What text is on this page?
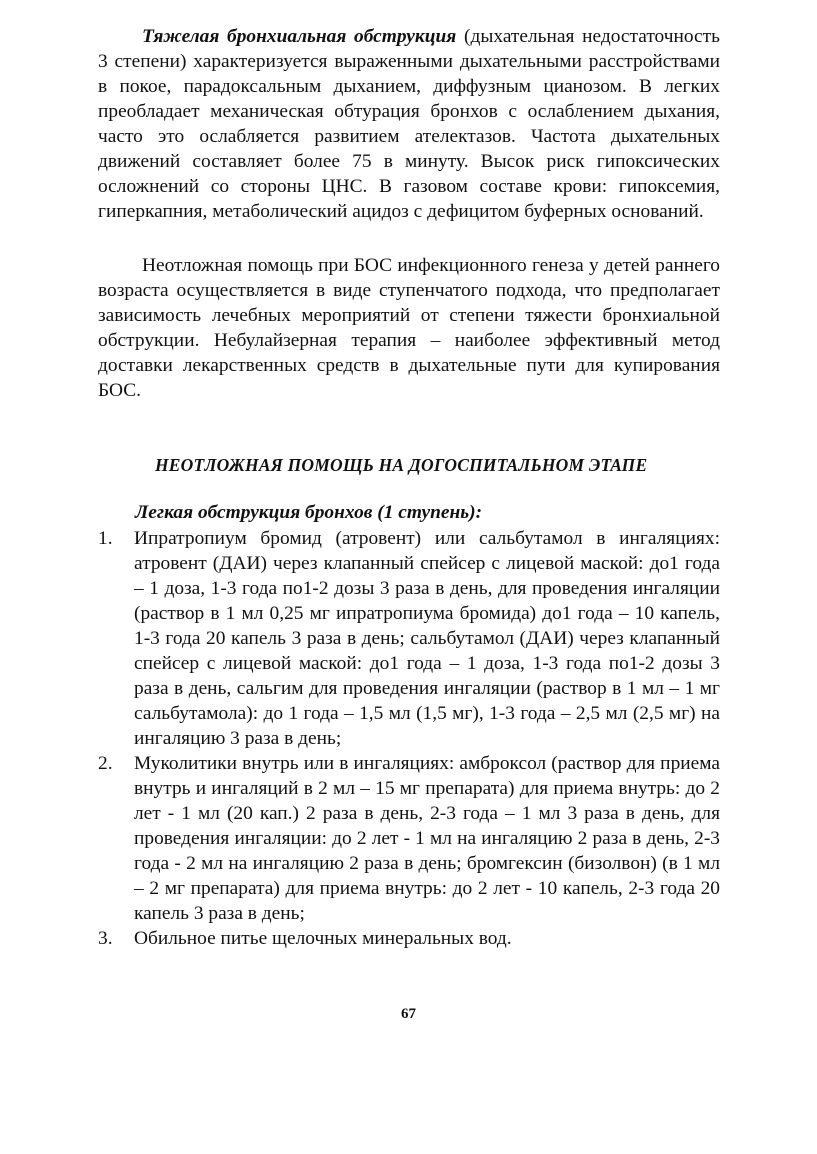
Тяжелая бронхиальная обструкция (дыхательная недостаточность 3 степени) характеризуется выраженными дыхательными расстройствами в покое, парадоксальным дыханием, диффузным цианозом. В легких преобладает механическая обтурация бронхов с ослаблением дыхания, часто это ослабляется развитием ателектазов. Частота дыхательных движений составляет более 75 в минуту. Высок риск гипоксических осложнений со стороны ЦНС. В газовом составе крови: гипоксемия, гиперкапния, метаболический ацидоз с дефицитом буферных оснований.
Неотложная помощь при БОС инфекционного генеза у детей раннего возраста осуществляется в виде ступенчатого подхода, что предполагает зависимость лечебных мероприятий от степени тяжести бронхиальной обструкции. Небулайзерная терапия – наиболее эффективный метод доставки лекарственных средств в дыхательные пути для купирования БОС.
НЕОТЛОЖНАЯ ПОМОЩЬ НА ДОГОСПИТАЛЬНОМ ЭТАПЕ
Легкая обструкция бронхов (1 ступень):
1. Ипратропиум бромид (атровент) или сальбутамол в ингаляциях: атровент (ДАИ) через клапанный спейсер с лицевой маской: до1 года – 1 доза, 1-3 года по1-2 дозы 3 раза в день, для проведения ингаляции (раствор в 1 мл 0,25 мг ипратропиума бромида) до1 года – 10 капель, 1-3 года 20 капель 3 раза в день; сальбутамол (ДАИ) через клапанный спейсер с лицевой маской: до1 года – 1 доза, 1-3 года по1-2 дозы 3 раза в день, сальгим для проведения ингаляции (раствор в 1 мл – 1 мг сальбутамола): до 1 года – 1,5 мл (1,5 мг), 1-3 года – 2,5 мл (2,5 мг) на ингаляцию 3 раза в день;
2. Муколитики внутрь или в ингаляциях: амброксол (раствор для приема внутрь и ингаляций в 2 мл – 15 мг препарата) для приема внутрь: до 2 лет - 1 мл (20 кап.) 2 раза в день, 2-3 года – 1 мл 3 раза в день, для проведения ингаляции: до 2 лет - 1 мл на ингаляцию 2 раза в день, 2-3 года - 2 мл на ингаляцию 2 раза в день; бромгексин (бизолвон) (в 1 мл – 2 мг препарата) для приема внутрь: до 2 лет - 10 капель, 2-3 года 20 капель 3 раза в день;
3. Обильное питье щелочных минеральных вод.
67
